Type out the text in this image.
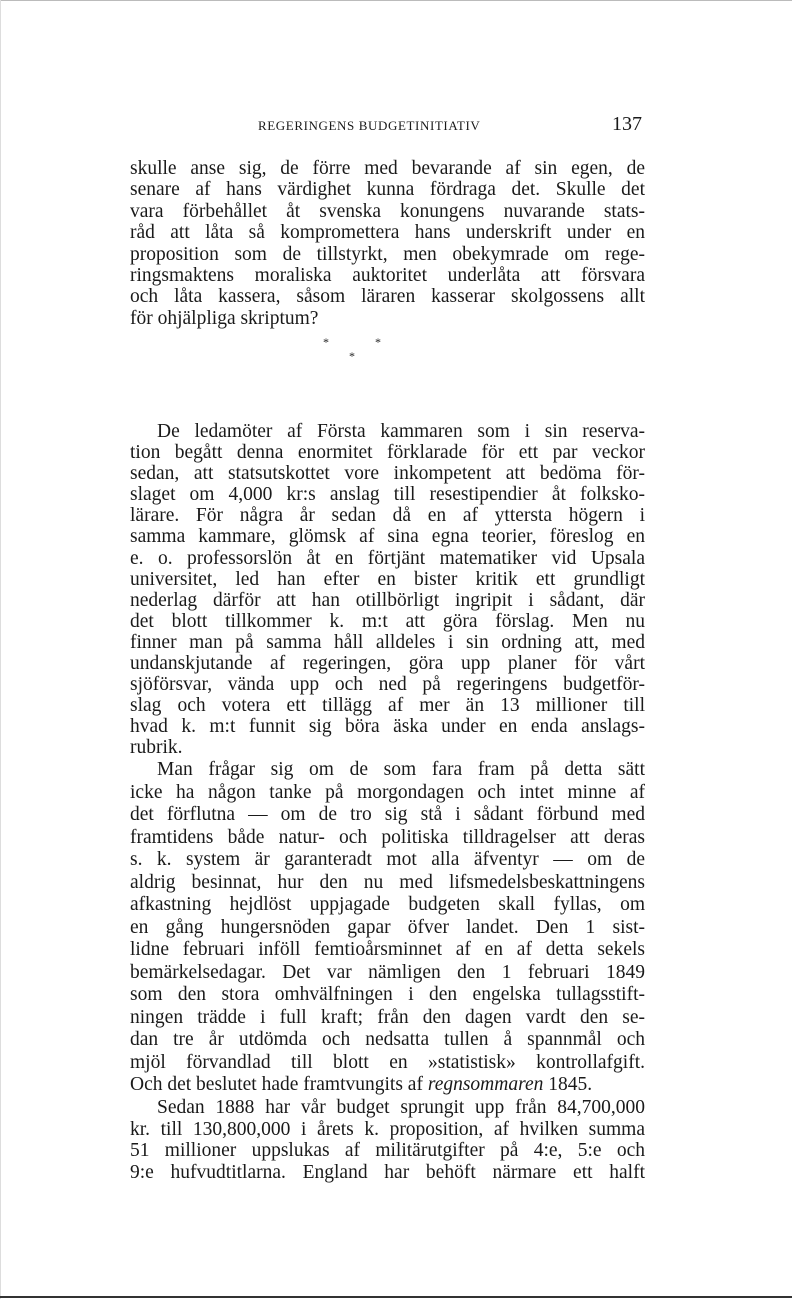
REGERINGENS BUDGETINITIATIV	137
skulle anse sig, de förre med bevarande af sin egen, de
senare af hans värdighet kunna fördraga det. Skulle det
vara förbehållet åt svenska konungens nuvarande stats-
råd att låta så kompromettera hans underskrift under en
proposition som de tillstyrkt, men obekymrade om rege-
ringsmaktens moraliska auktoritet underlåta att försvara
och låta kassera, såsom läraren kasserar skolgossens allt
för ohjälpliga skriptum?
*
*
*
De ledamöter af Första kammaren som i sin reserva-
tion begått denna enormitet förklarade för ett par veckor
sedan, att statsutskottet vore inkompetent att bedöma för-
slaget om 4,000 kr:s anslag till resestipendier åt folksko-
lärare. För några år sedan då en af yttersta högern i
samma kammare, glömsk af sina egna teorier, föreslog en
e. o. professorslön åt en förtjänt matematiker vid Upsala
universitet, led han efter en bister kritik ett grundligt
nederlag därför att han otillbörligt ingripit i sådant, där
det blott tillkommer k. m:t att göra förslag. Men nu
finner man på samma håll alldeles i sin ordning att, med
undanskjutande af regeringen, göra upp planer för vårt
sjöförsvar, vända upp och ned på regeringens budgetför-
slag och votera ett tillägg af mer än 13 millioner till
hvad k. m:t funnit sig böra äska under en enda anslags-
rubrik.
Man frågar sig om de som fara fram på detta sätt
icke ha någon tanke på morgondagen och intet minne af
det förflutna — om de tro sig stå i sådant förbund med
framtidens både natur- och politiska tilldragelser att deras
s. k. system är garanteradt mot alla äfventyr — om de
aldrig besinnat, hur den nu med lifsmedelsbeskattningens
afkastning hejdlöst uppjagade budgeten skall fyllas, om
en gång hungersnöden gapar öfver landet. Den 1 sist-
lidne februari inföll femtioårsminnet af en af detta sekels
bemärkelsedagar. Det var nämligen den 1 februari 1849
som den stora omhvälfningen i den engelska tullagsstift-
ningen trädde i full kraft; från den dagen vardt den se-
dan tre år utdömda och nedsatta tullen å spannmål och
mjöl förvandlad till blott en »statistisk» kontrollafgift.
Och det beslutet hade framtvungits af regnsommaren 1845.
Sedan 1888 har vår budget sprungit upp från 84,700,000
kr. till 130,800,000 i årets k. proposition, af hvilken summa
51 millioner uppslukas af militärutgifter på 4:e, 5:e och
9:e hufvudtitlarna. England har behöft närmare ett halft
